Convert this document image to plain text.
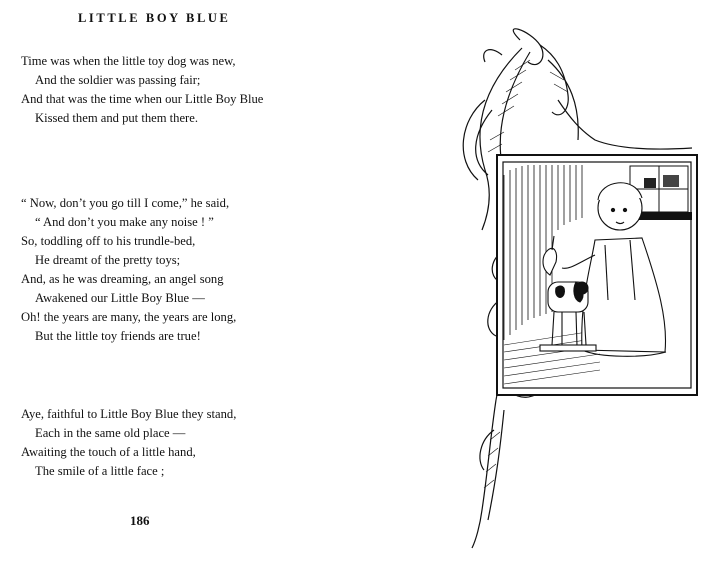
LITTLE BOY BLUE
Time was when the little toy dog was new,
And the soldier was passing fair;
And that was the time when our Little Boy Blue
Kissed them and put them there.
“ Now, don’t you go till I come,” he said,
“ And don’t you make any noise ! ”
So, toddling off to his trundle-bed,
He dreamt of the pretty toys;
And, as he was dreaming, an angel song
Awakened our Little Boy Blue —
Oh! the years are many, the years are long,
But the little toy friends are true!
Aye, faithful to Little Boy Blue they stand,
Each in the same old place —
Awaiting the touch of a little hand,
The smile of a little face ;
186
